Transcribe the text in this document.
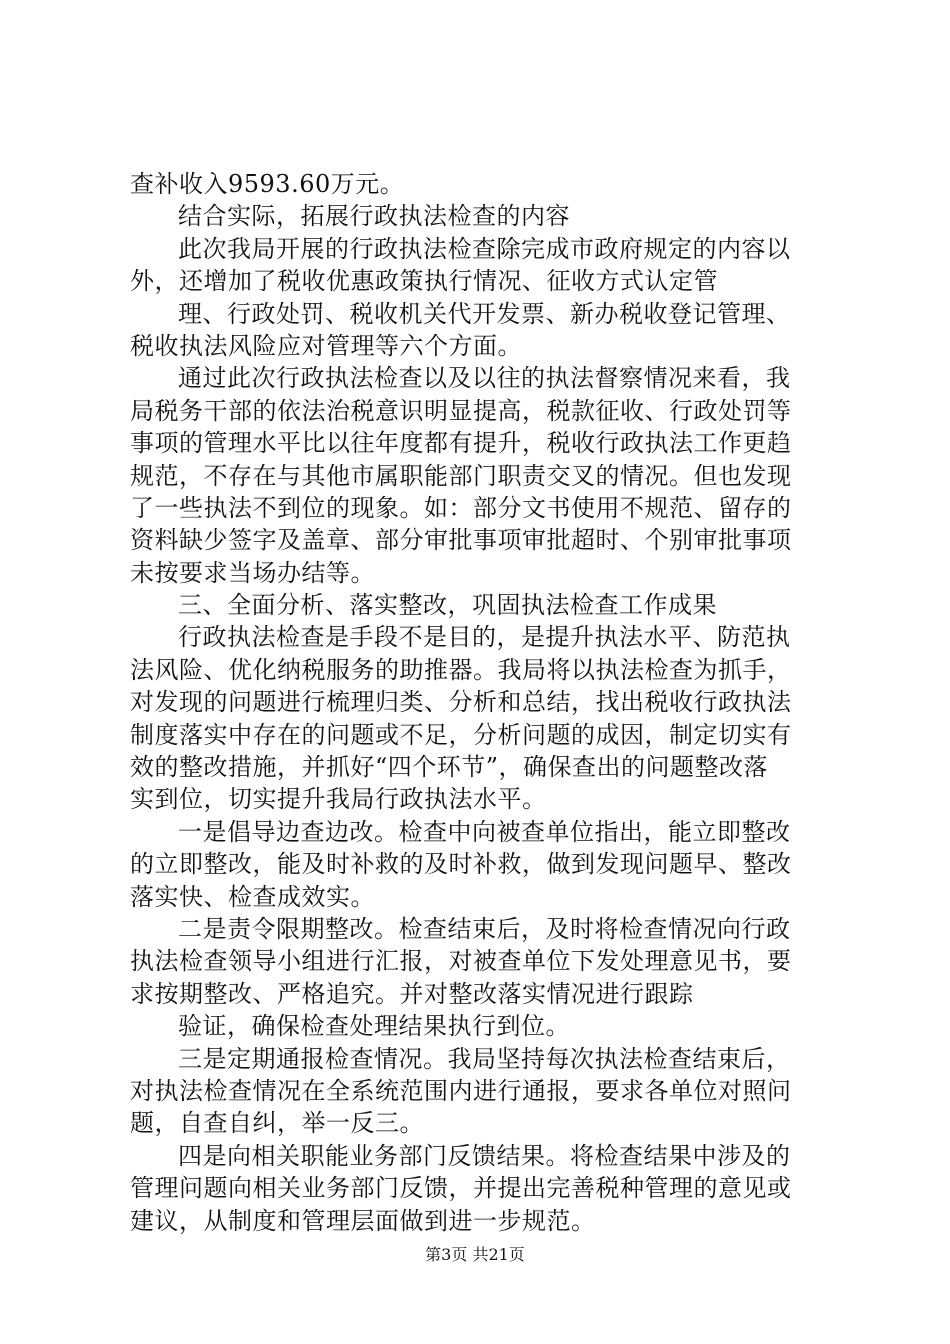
查补收入9593.60万元。
结合实际，拓展行政执法检查的内容
此次我局开展的行政执法检查除完成市政府规定的内容以
外，还增加了税收优惠政策执行情况、征收方式认定管
理、行政处罚、税收机关代开发票、新办税收登记管理、
税收执法风险应对管理等六个方面。
通过此次行政执法检查以及以往的执法督察情况来看，我
局税务干部的依法治税意识明显提高，税款征收、行政处罚等
事项的管理水平比以往年度都有提升，税收行政执法工作更趋
规范，不存在与其他市属职能部门职责交叉的情况。但也发现
了一些执法不到位的现象。如：部分文书使用不规范、留存的
资料缺少签字及盖章、部分审批事项审批超时、个别审批事项
未按要求当场办结等。
三、全面分析、落实整改，巩固执法检查工作成果
行政执法检查是手段不是目的，是提升执法水平、防范执
法风险、优化纳税服务的助推器。我局将以执法检查为抓手，
对发现的问题进行梳理归类、分析和总结，找出税收行政执法
制度落实中存在的问题或不足，分析问题的成因，制定切实有
效的整改措施，并抓好“四个环节”，确保查出的问题整改落
实到位，切实提升我局行政执法水平。
一是倡导边查边改。检查中向被查单位指出，能立即整改
的立即整改，能及时补救的及时补救，做到发现问题早、整改
落实快、检查成效实。
二是责令限期整改。检查结束后，及时将检查情况向行政
执法检查领导小组进行汇报，对被查单位下发处理意见书，要
求按期整改、严格追究。并对整改落实情况进行跟踪
验证，确保检查处理结果执行到位。
三是定期通报检查情况。我局坚持每次执法检查结束后，
对执法检查情况在全系统范围内进行通报，要求各单位对照问
题，自查自纠，举一反三。
四是向相关职能业务部门反馈结果。将检查结果中涉及的
管理问题向相关业务部门反馈，并提出完善税种管理的意见或
建议，从制度和管理层面做到进一步规范。
第3页 共21页
